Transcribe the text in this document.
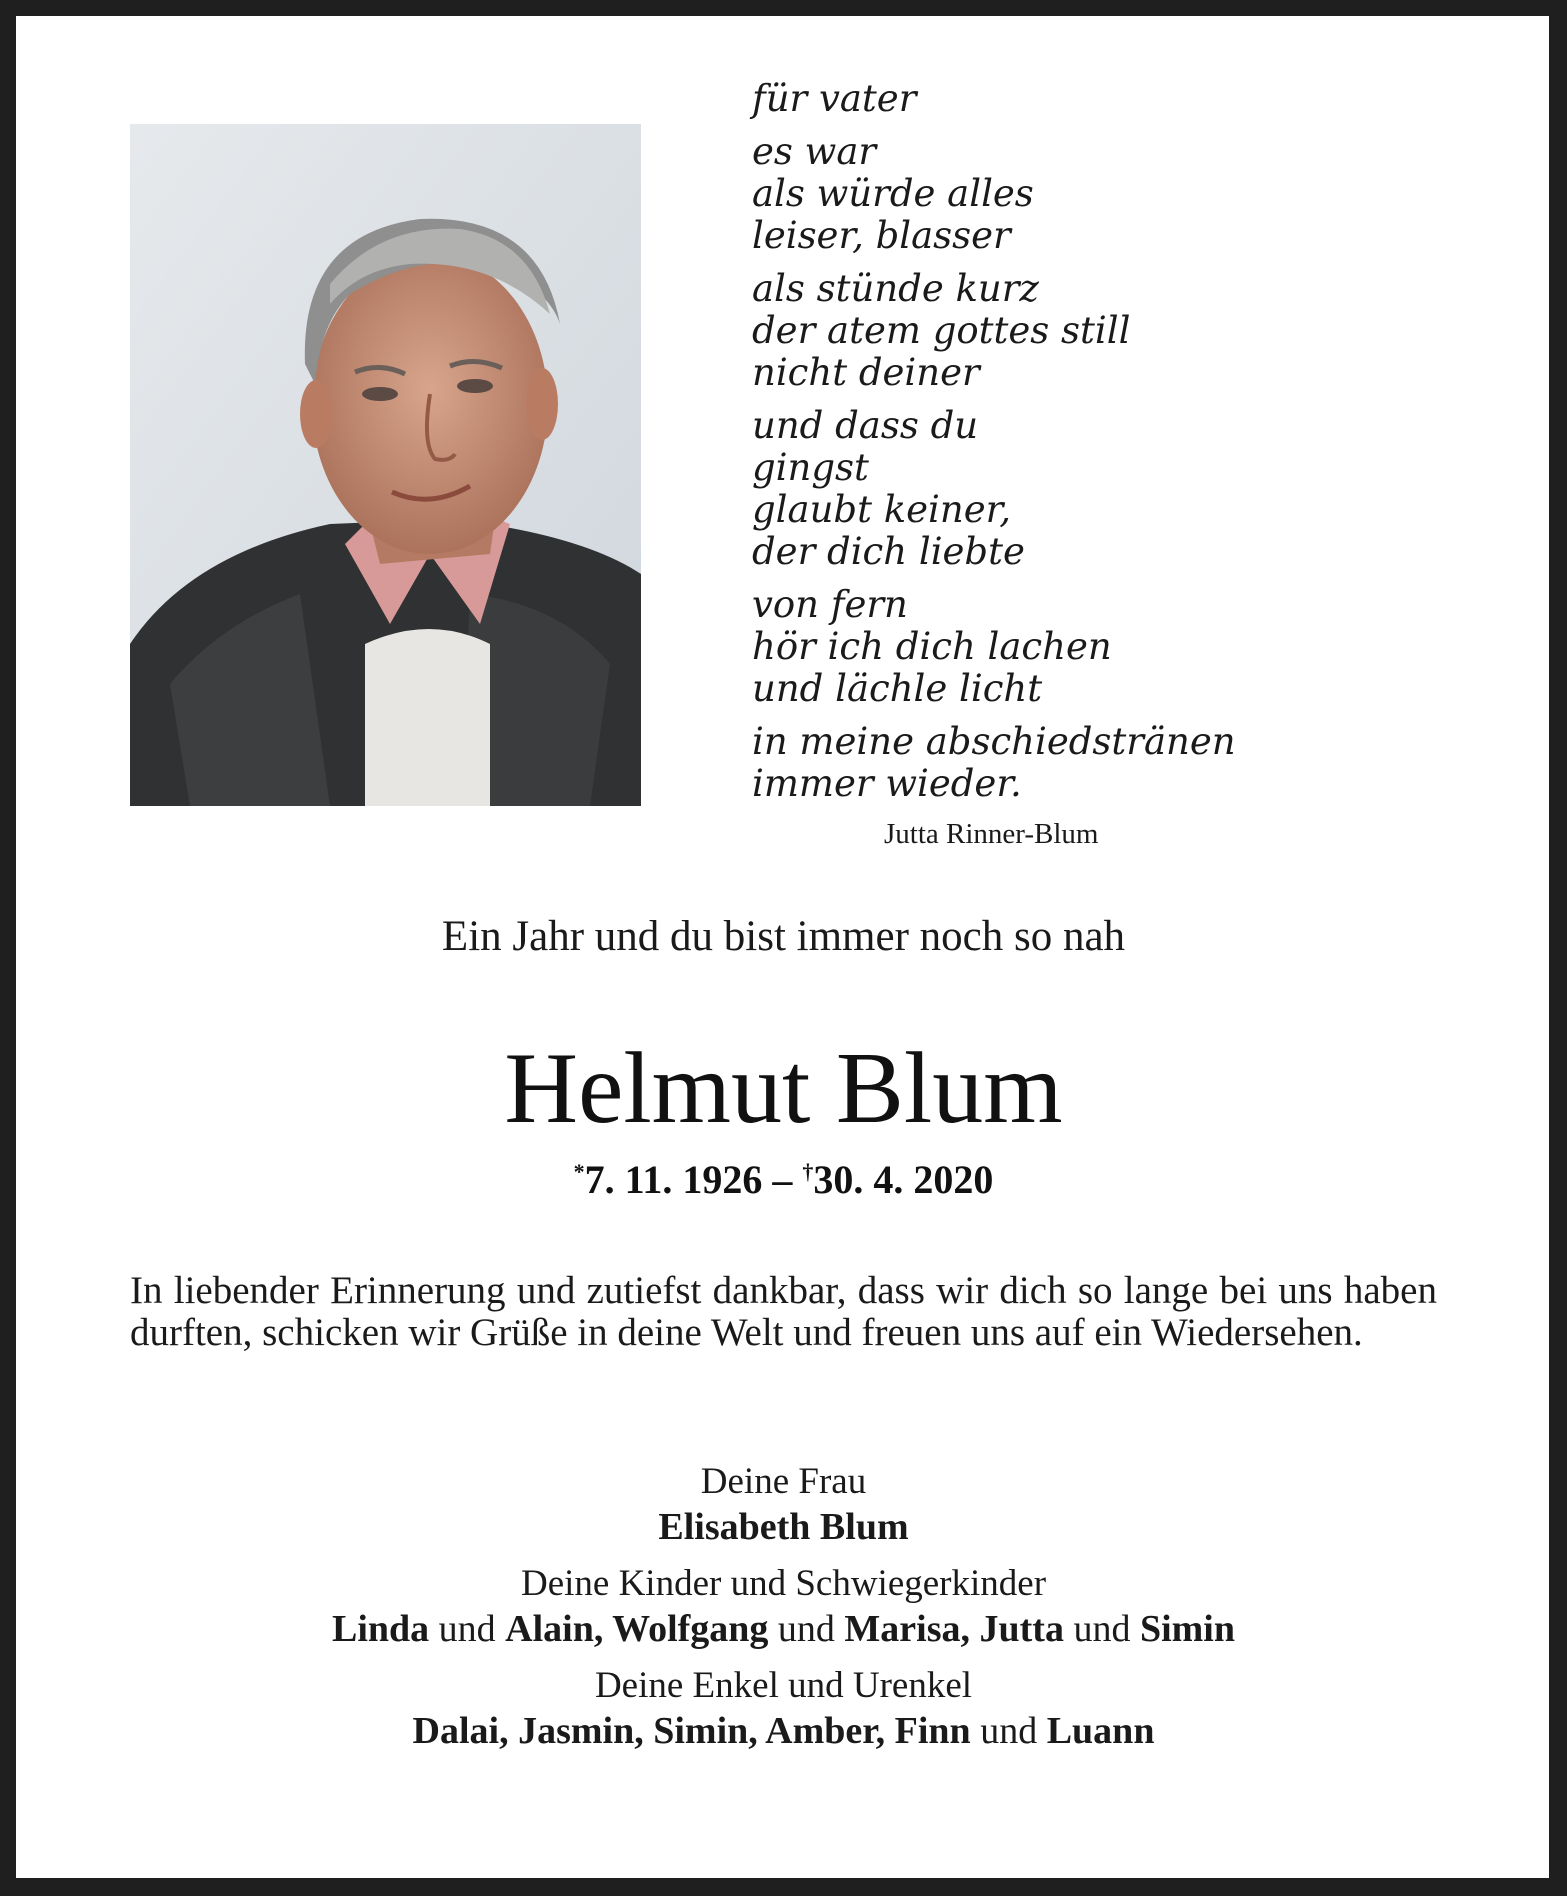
für vater
es war
als würde alles
leiser, blasser
als stünde kurz
der atem gottes still
nicht deiner
und dass du
gingst
glaubt keiner,
der dich liebte
von fern
hör ich dich lachen
und lächle licht
in meine abschiedstränen
immer wieder.
Jutta Rinner-Blum
Ein Jahr und du bist immer noch so nah
Helmut Blum
*7. 11. 1926 – †30. 4. 2020
In liebender Erinnerung und zutiefst dankbar, dass wir dich so lange bei uns haben durften, schicken wir Grüße in deine Welt und freuen uns auf ein Wiedersehen.
Deine Frau
Elisabeth Blum
Deine Kinder und Schwiegerkinder
Linda und Alain, Wolfgang und Marisa, Jutta und Simin
Deine Enkel und Urenkel
Dalai, Jasmin, Simin, Amber, Finn und Luann
